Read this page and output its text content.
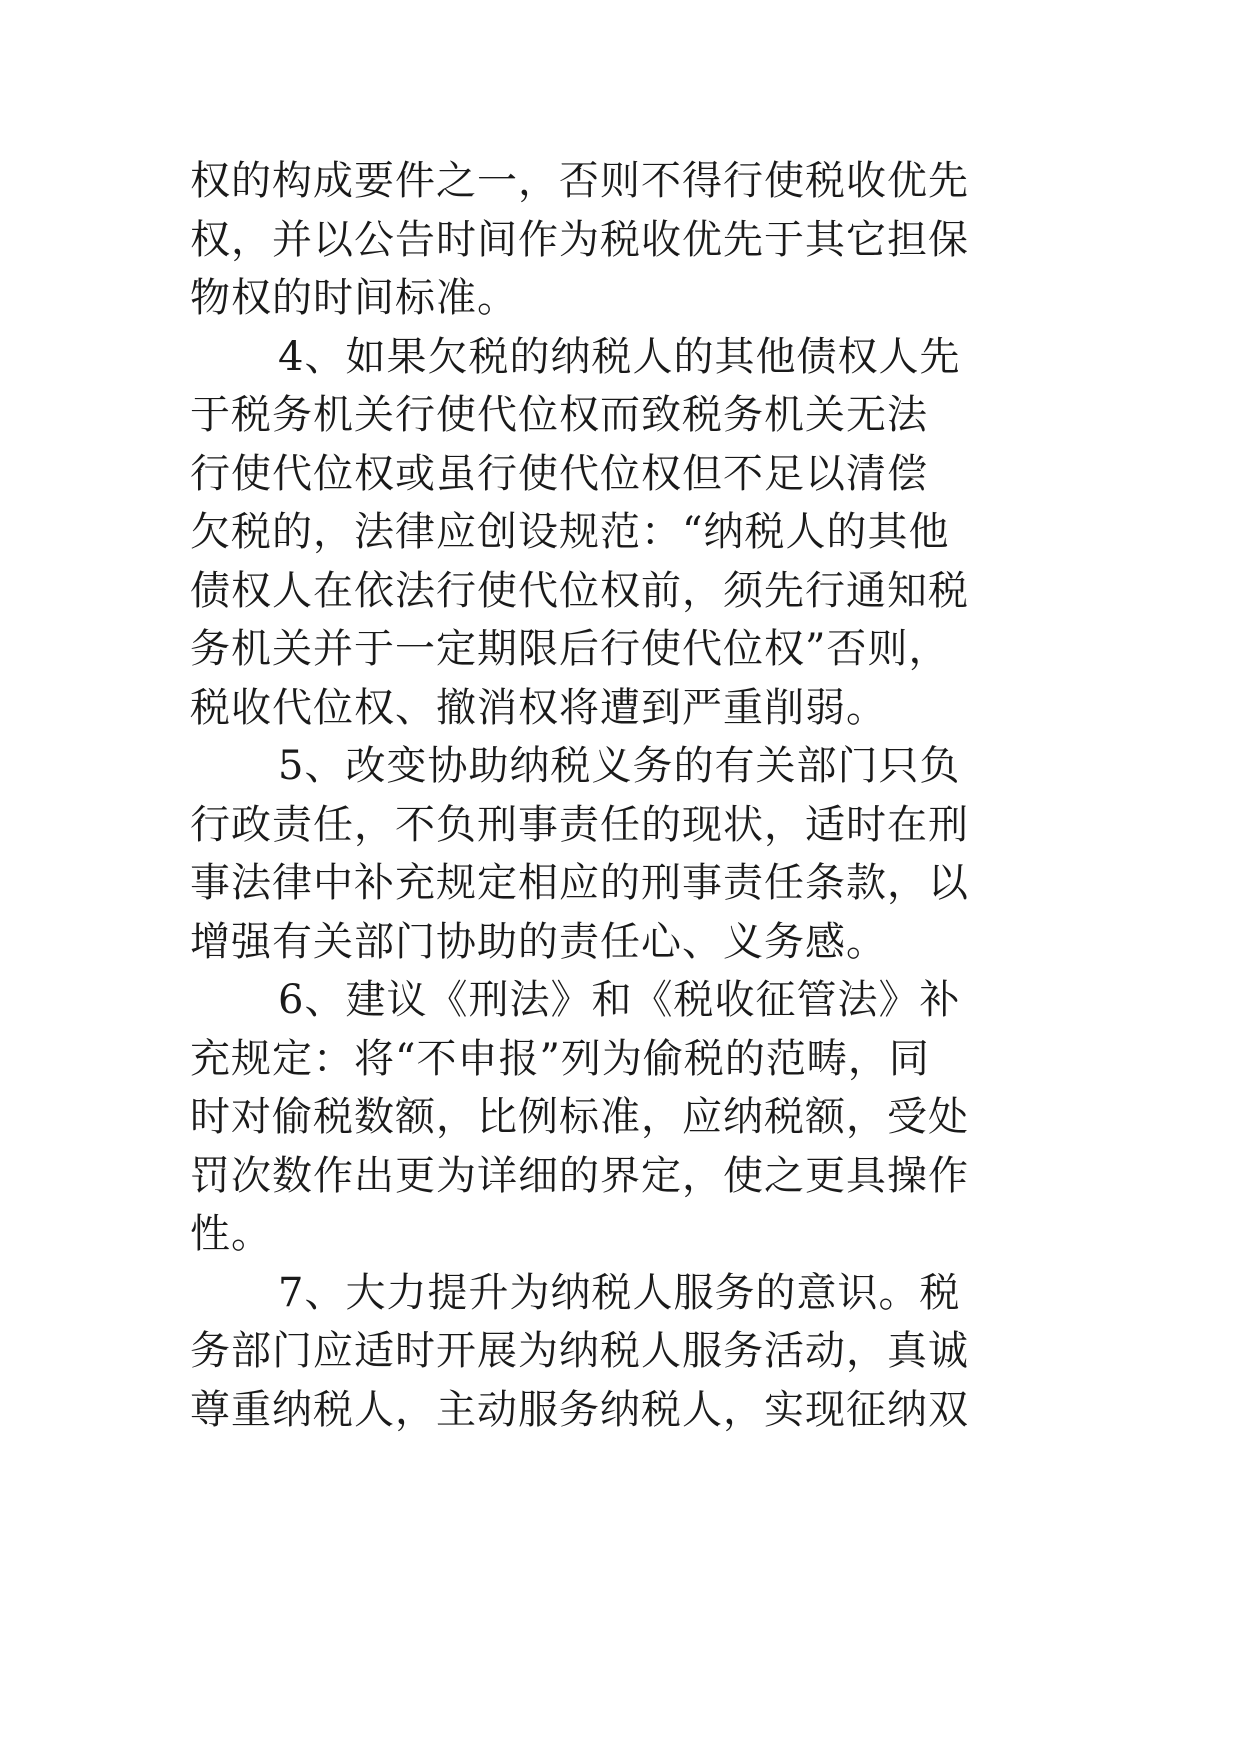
权的构成要件之一，否则不得行使税收优先
权，并以公告时间作为税收优先于其它担保
物权的时间标准。
4、如果欠税的纳税人的其他债权人先
于税务机关行使代位权而致税务机关无法
行使代位权或虽行使代位权但不足以清偿
欠税的，法律应创设规范：“纳税人的其他
债权人在依法行使代位权前，须先行通知税
务机关并于一定期限后行使代位权”否则，
税收代位权、撤消权将遭到严重削弱。
5、改变协助纳税义务的有关部门只负
行政责任，不负刑事责任的现状，适时在刑
事法律中补充规定相应的刑事责任条款，以
增强有关部门协助的责任心、义务感。
6、建议《刑法》和《税收征管法》补
充规定：将“不申报”列为偷税的范畴，同
时对偷税数额，比例标准，应纳税额，受处
罚次数作出更为详细的界定，使之更具操作
性。
7、大力提升为纳税人服务的意识。税
务部门应适时开展为纳税人服务活动，真诚
尊重纳税人，主动服务纳税人，实现征纳双
